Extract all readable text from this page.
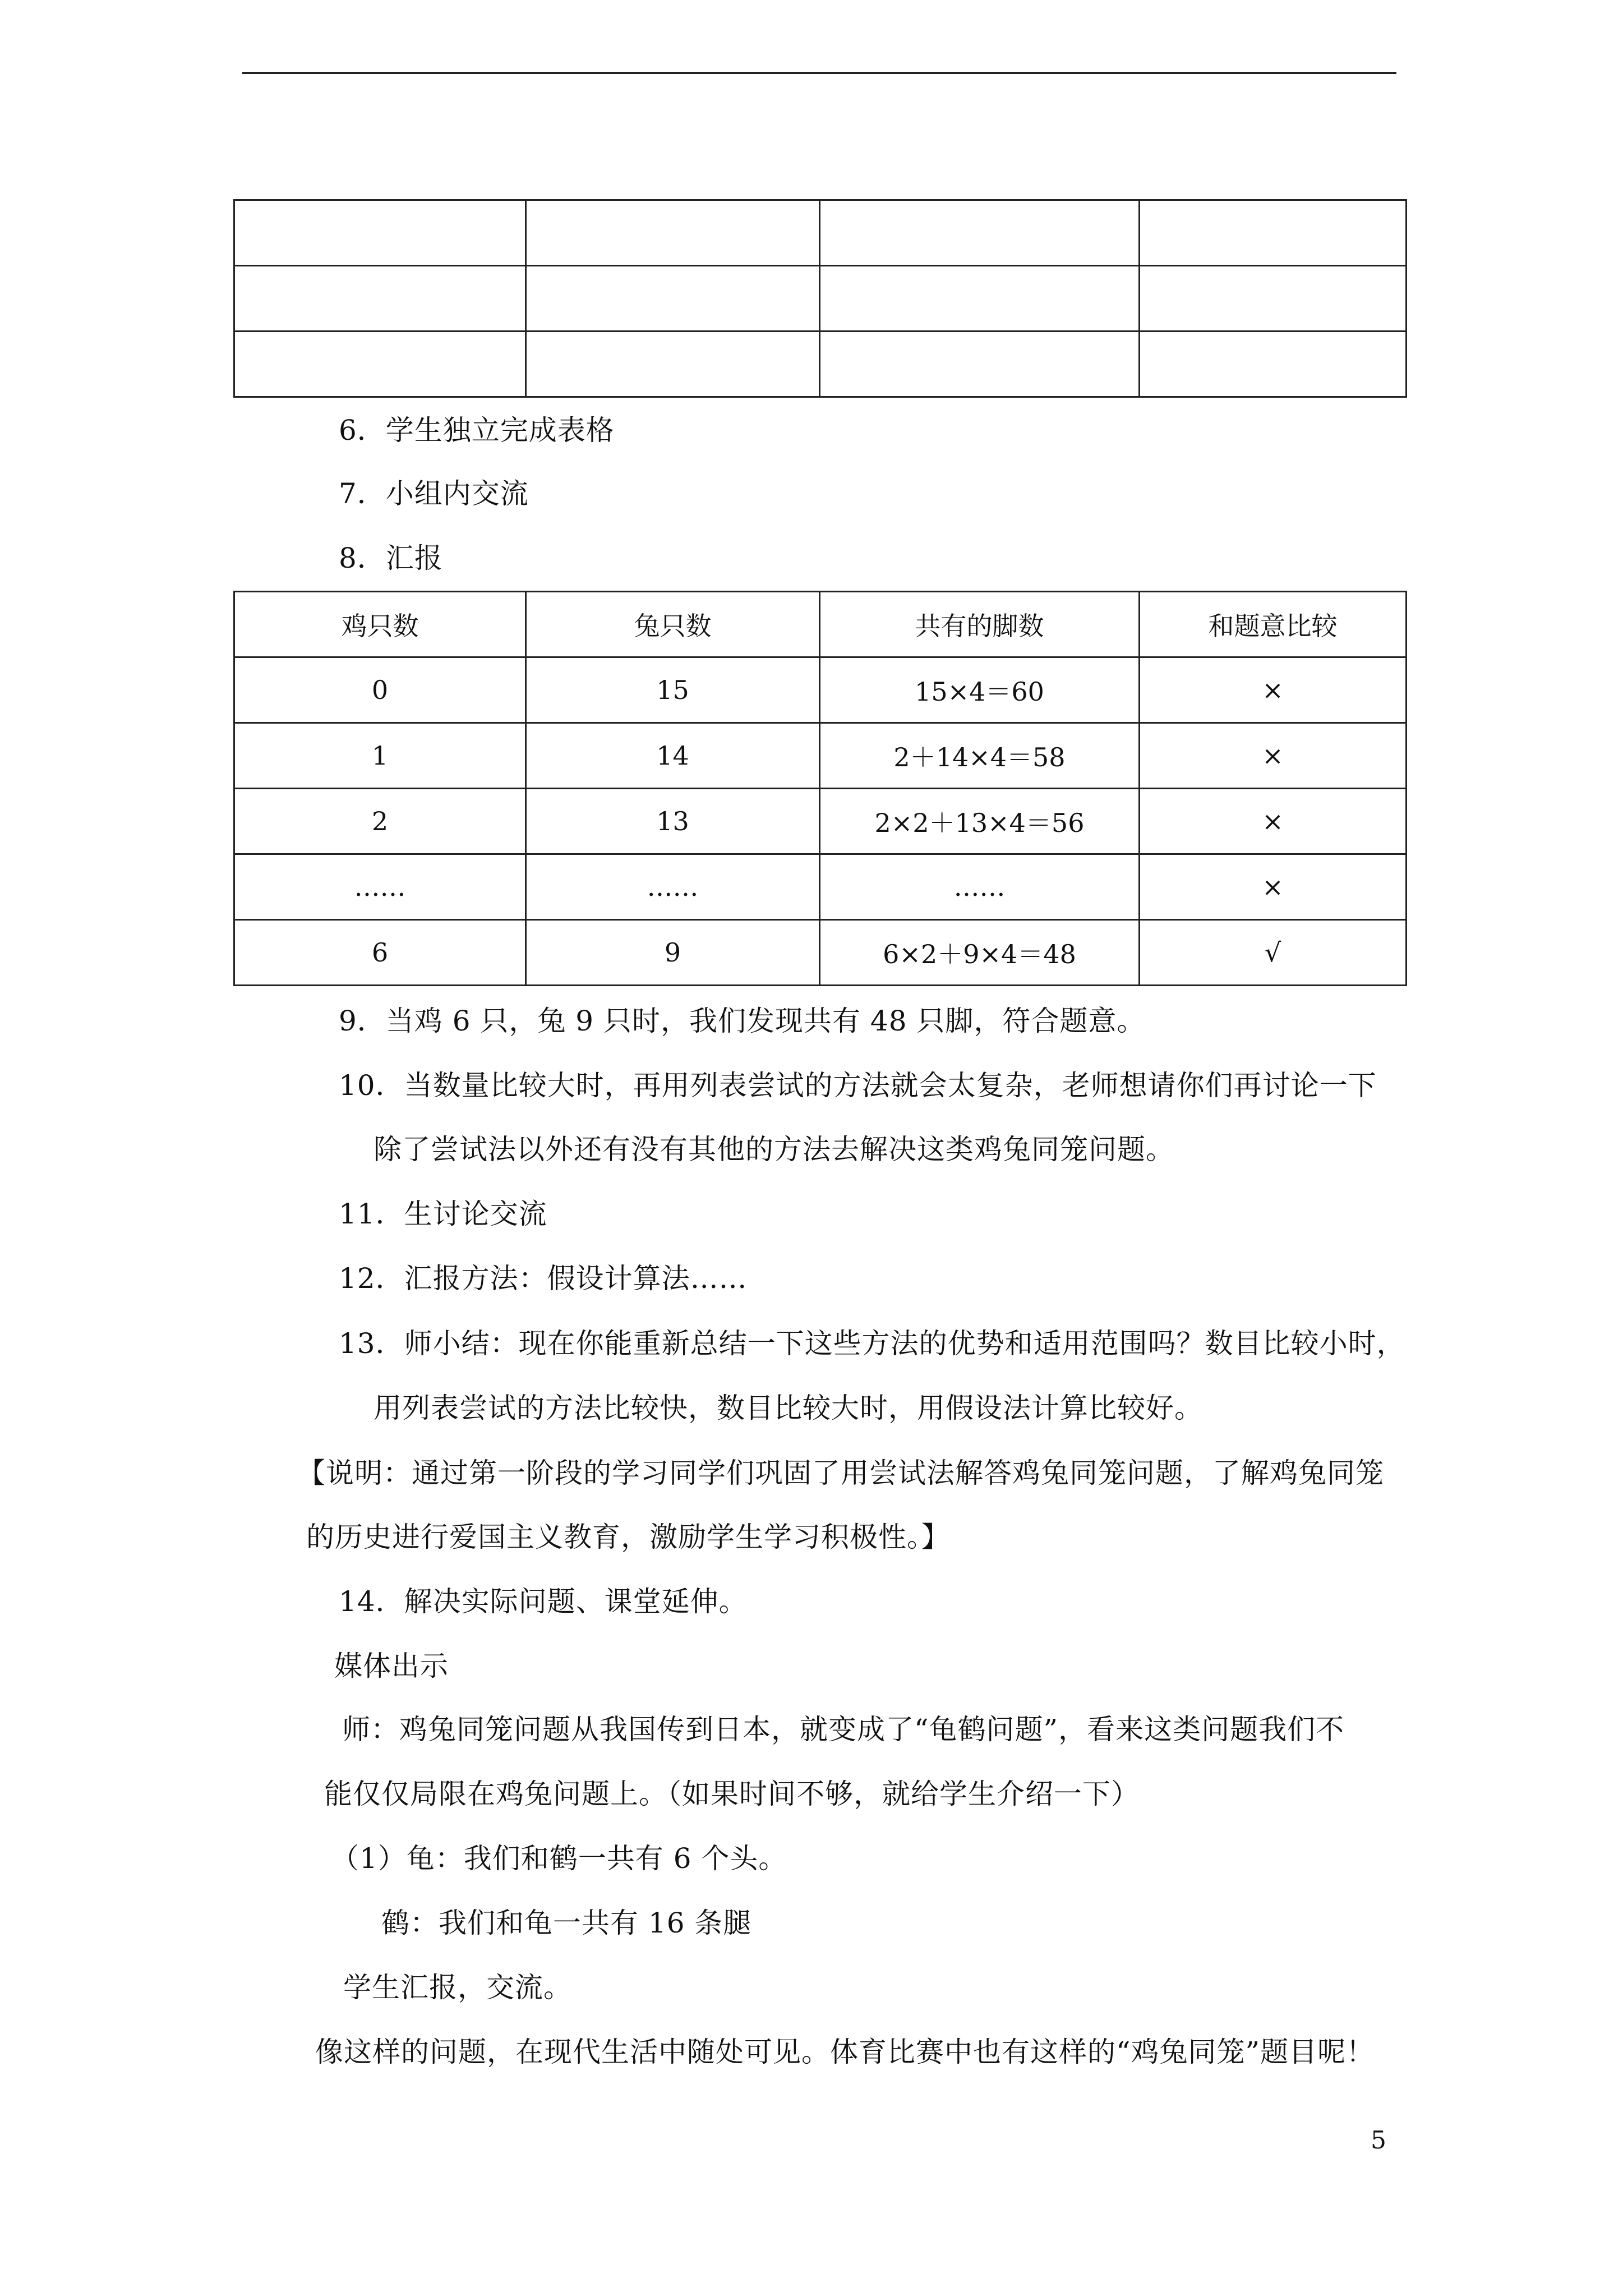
6．学生独立完成表格
7．小组内交流
8．汇报
鸡只数	兔只数	共有的脚数	和题意比较
0	15	15×4＝60	×
1	14	2＋14×4＝58	×
2	13	2×2＋13×4＝56	×
……	……	……	×
6	9	6×2＋9×4＝48	√
9．当鸡 6 只，兔 9 只时，我们发现共有 48 只脚，符合题意。
10．当数量比较大时，再用列表尝试的方法就会太复杂，老师想请你们再讨论一下
除了尝试法以外还有没有其他的方法去解决这类鸡兔同笼问题。
11．生讨论交流
12．汇报方法：假设计算法……
13．师小结：现在你能重新总结一下这些方法的优势和适用范围吗？数目比较小时，
用列表尝试的方法比较快，数目比较大时，用假设法计算比较好。
【说明：通过第一阶段的学习同学们巩固了用尝试法解答鸡兔同笼问题，了解鸡兔同笼
的历史进行爱国主义教育，激励学生学习积极性。】
14．解决实际问题、课堂延伸。
媒体出示
师：鸡兔同笼问题从我国传到日本，就变成了“龟鹤问题”，看来这类问题我们不
能仅仅局限在鸡兔问题上。（如果时间不够，就给学生介绍一下）
（1）龟：我们和鹤一共有 6 个头。
鹤：我们和龟一共有 16 条腿
学生汇报，交流。
像这样的问题，在现代生活中随处可见。体育比赛中也有这样的“鸡兔同笼”题目呢！
5
